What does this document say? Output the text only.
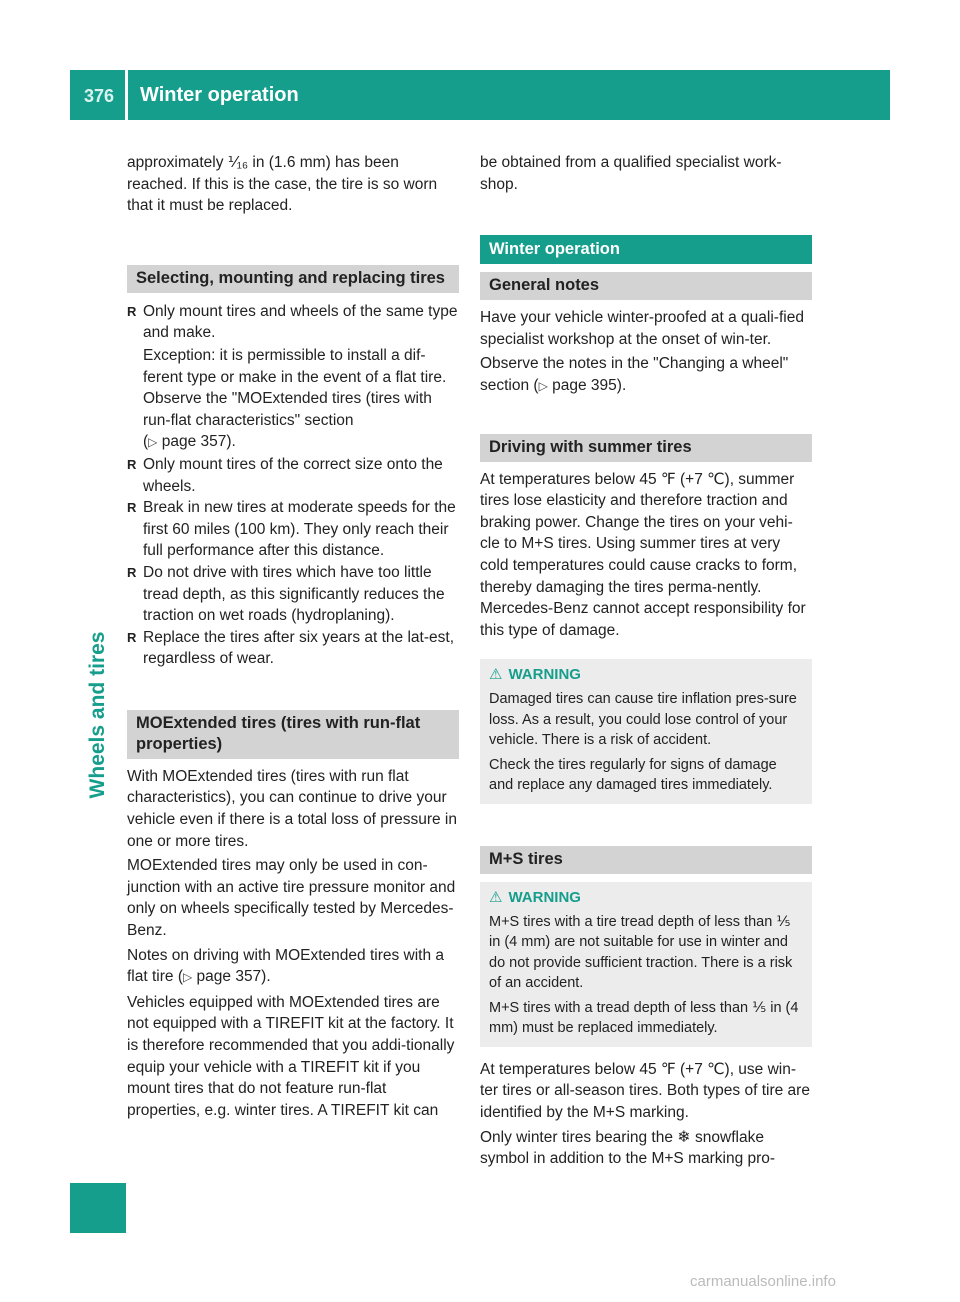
376 Winter operation
Wheels and tires

approximately ⅟₁₆ in (1.6 mm) has been reached. If this is the case, the tire is so worn that it must be replaced.

Selecting, mounting and replacing tires
R Only mount tires and wheels of the same type and make.
Exception: it is permissible to install a dif-ferent type or make in the event of a flat tire. Observe the "MOExtended tires (tires with run-flat characteristics" section
(▷ page 357).
R Only mount tires of the correct size onto the wheels.
R Break in new tires at moderate speeds for the first 60 miles (100 km). They only reach their full performance after this distance.
R Do not drive with tires which have too little tread depth, as this significantly reduces the traction on wet roads (hydroplaning).
R Replace the tires after six years at the lat-est, regardless of wear.
MOExtended tires (tires with run-flat properties)

With MOExtended tires (tires with run flat characteristics), you can continue to drive your vehicle even if there is a total loss of pressure in one or more tires.

MOExtended tires may only be used in con-junction with an active tire pressure monitor and only on wheels specifically tested by Mercedes-Benz.

Notes on driving with MOExtended tires with a flat tire (▷ page 357).

Vehicles equipped with MOExtended tires are not equipped with a TIREFIT kit at the factory. It is therefore recommended that you addi-tionally equip your vehicle with a TIREFIT kit if you mount tires that do not feature run-flat properties, e.g. winter tires. A TIREFIT kit can

be obtained from a qualified specialist work-shop.

Winter operation
General notes

Have your vehicle winter-proofed at a quali-fied specialist workshop at the onset of win-ter.

Observe the notes in the "Changing a wheel" section (▷ page 395).

Driving with summer tires

At temperatures below 45 ℉ (+7 ℃), summer tires lose elasticity and therefore traction and braking power. Change the tires on your vehi-cle to M+S tires. Using summer tires at very cold temperatures could cause cracks to form, thereby damaging the tires perma-nently. Mercedes-Benz cannot accept responsibility for this type of damage.

⚠ WARNING

Damaged tires can cause tire inflation pres-sure loss. As a result, you could lose control of your vehicle. There is a risk of accident.

Check the tires regularly for signs of damage and replace any damaged tires immediately.

M+S tires
⚠ WARNING

M+S tires with a tire tread depth of less than ⅕ in (4 mm) are not suitable for use in winter and do not provide sufficient traction. There is a risk of an accident.

M+S tires with a tread depth of less than ⅕ in (4 mm) must be replaced immediately.

At temperatures below 45 ℉ (+7 ℃), use win-ter tires or all-season tires. Both types of tire are identified by the M+S marking.

Only winter tires bearing the ❄ snowflake symbol in addition to the M+S marking pro-

carmanualsonline.info
